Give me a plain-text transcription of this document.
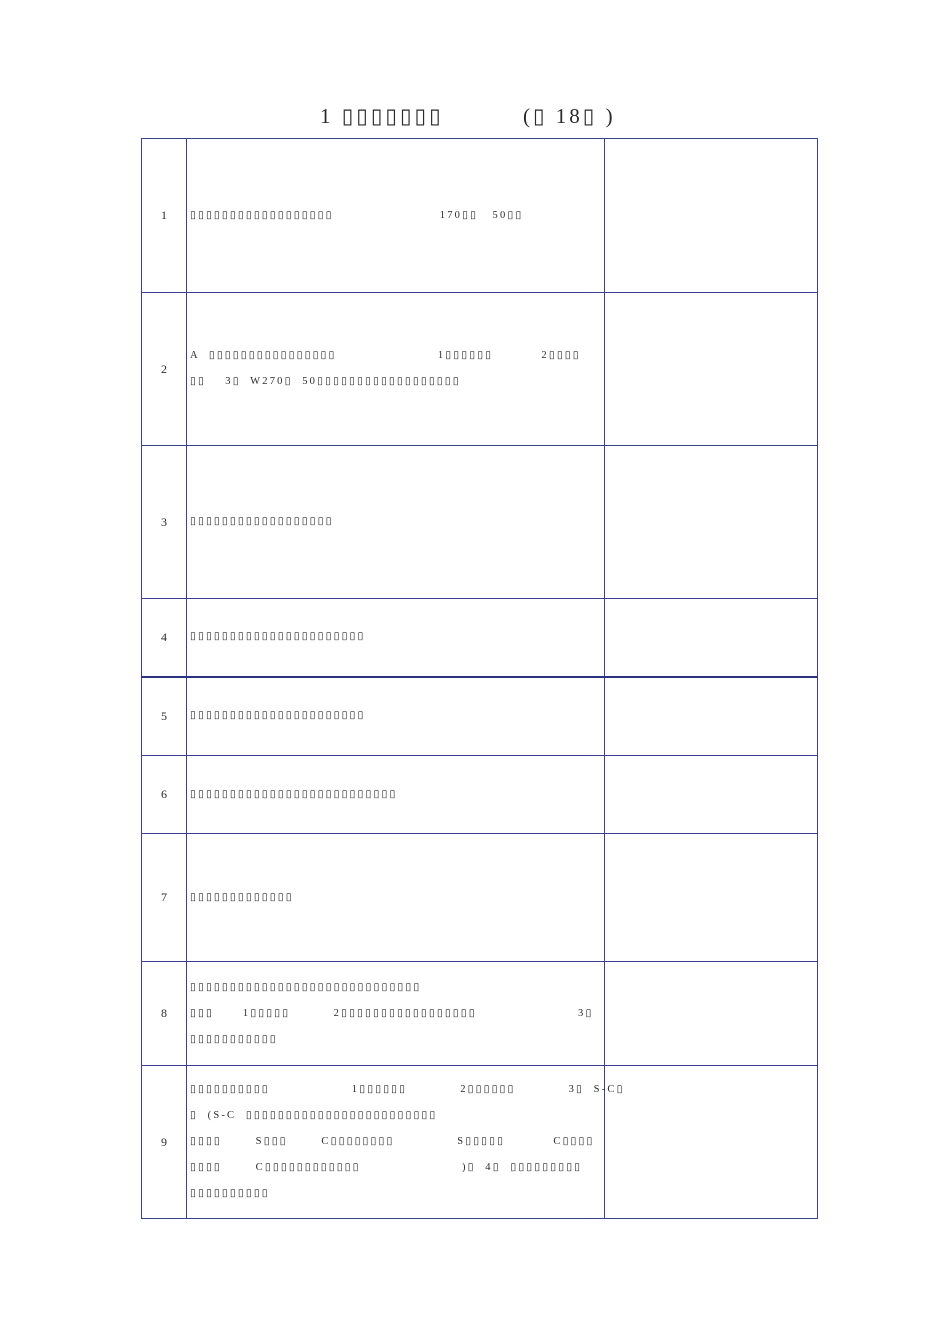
1 ▯▯▯▯▯▯▯	(▯ 18▯ )
1	▯▯▯▯▯▯▯▯▯▯▯▯▯▯▯▯▯▯                      170▯▯   50▯▯	

2	A  ▯▯▯▯▯▯▯▯▯▯▯▯▯▯▯▯                     1▯▯▯▯▯▯          2▯▯▯▯
▯▯    3▯  W270▯  50▯▯▯▯▯▯▯▯▯▯▯▯▯▯▯▯▯▯	

3	▯▯▯▯▯▯▯▯▯▯▯▯▯▯▯▯▯▯	

4	▯▯▯▯▯▯▯▯▯▯▯▯▯▯▯▯▯▯▯▯▯▯	

5	▯▯▯▯▯▯▯▯▯▯▯▯▯▯▯▯▯▯▯▯▯▯	

6	▯▯▯▯▯▯▯▯▯▯▯▯▯▯▯▯▯▯▯▯▯▯▯▯▯▯	

7	▯▯▯▯▯▯▯▯▯▯▯▯▯	

8	▯▯▯▯▯▯▯▯▯▯▯▯▯▯▯▯▯▯▯▯▯▯▯▯▯▯▯▯▯
▯▯▯      1▯▯▯▯▯         2▯▯▯▯▯▯▯▯▯▯▯▯▯▯▯▯▯                     3▯
▯▯▯▯▯▯▯▯▯▯▯	

9	▯▯▯▯▯▯▯▯▯▯                 1▯▯▯▯▯▯           2▯▯▯▯▯▯           3▯  S-C▯
▯  (S-C  ▯▯▯▯▯▯▯▯▯▯▯▯▯▯▯▯▯▯▯▯▯▯▯▯
▯▯▯▯       S▯▯▯       C▯▯▯▯▯▯▯▯             S▯▯▯▯▯          C▯▯▯▯
▯▯▯▯       C▯▯▯▯▯▯▯▯▯▯▯▯                     )▯  4▯  ▯▯▯▯▯▯▯▯▯
▯▯▯▯▯▯▯▯▯▯	
